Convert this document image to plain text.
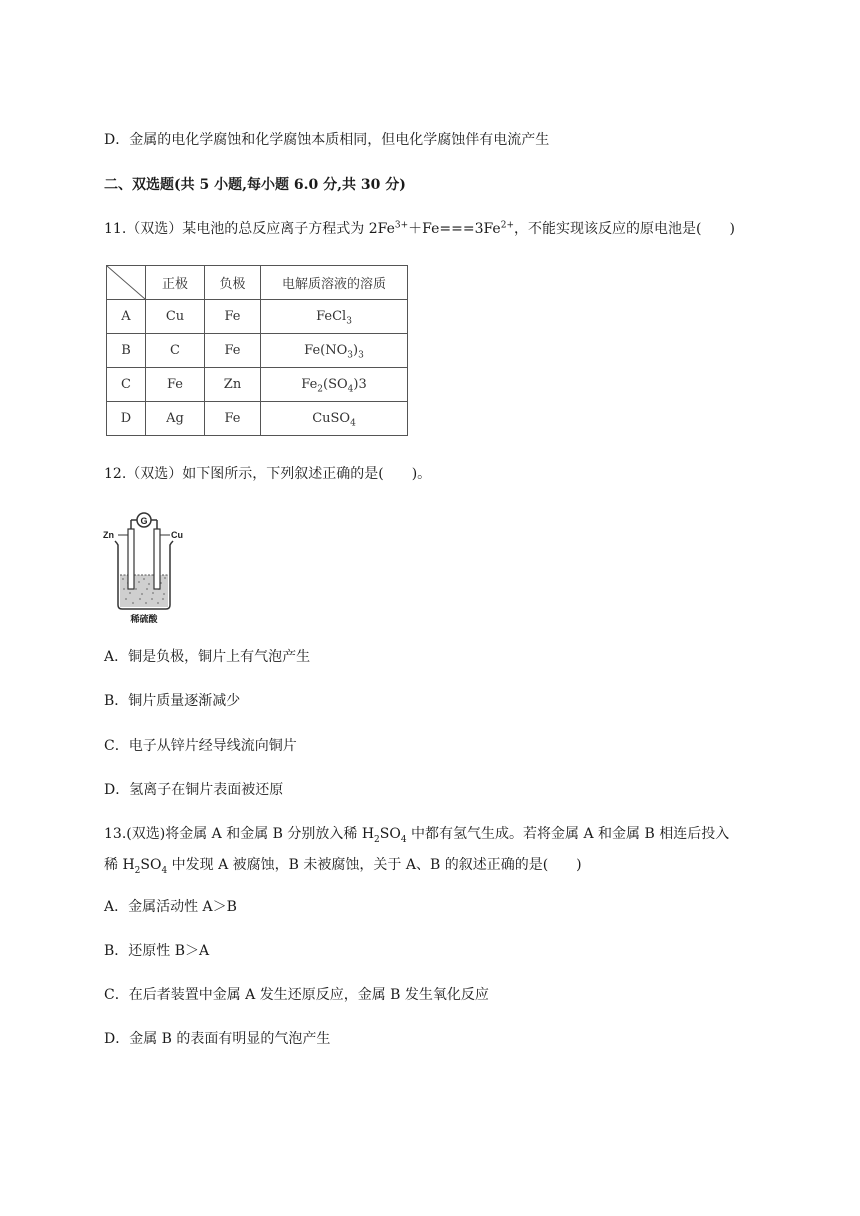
D．金属的电化学腐蚀和化学腐蚀本质相同，但电化学腐蚀伴有电流产生
二、双选题(共 5 小题,每小题 6.0 分,共 30 分)
11.（双选）某电池的总反应离子方程式为 $2Fe^{3+}+Fe===3Fe^{2+}$，不能实现该反应的原电池是(　　)
	正极	负极	电解质溶液的溶质
A	Cu	Fe	FeCl$_3$
B	C	Fe	$Fe(NO_3)_3$
C	Fe	Zn	$Fe_2(SO_4)3$
D	Ag	Fe	CuSO$_4$
12.（双选）如下图所示，下列叙述正确的是(　　)。
G
Zn	Cu
稀硫酸
A．铜是负极，铜片上有气泡产生
B．铜片质量逐渐减少
C．电子从锌片经导线流向铜片
D．氢离子在铜片表面被还原
13.(双选)将金属 A 和金属 B 分别放入稀 $H_2SO_4$ 中都有氢气生成。若将金属 A 和金属 B 相连后投入
稀 $H_2SO_4$ 中发现 A 被腐蚀，B 未被腐蚀，关于 A、B 的叙述正确的是(　　)
A．金属活动性 A＞B
B．还原性 B＞A
C．在后者装置中金属 A 发生还原反应，金属 B 发生氧化反应
D．金属 B 的表面有明显的气泡产生
